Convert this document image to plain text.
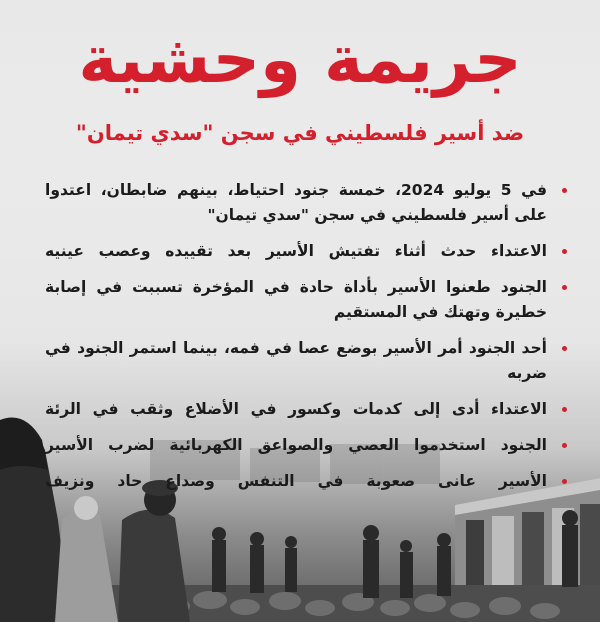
جريمة وحشية

ضد أسير فلسطيني في سجن "سدي تيمان"

في 5 يوليو 2024، خمسة جنود احتياط، بينهم ضابطان، اعتدوا على أسير فلسطيني في سجن "سدي تيمان"
الاعتداء حدث أثناء تفتيش الأسير بعد تقييده وعصب عينيه
الجنود طعنوا الأسير بأداة حادة في المؤخرة تسببت في إصابة خطيرة وتهتك في المستقيم
أحد الجنود أمر الأسير بوضع عصا في فمه، بينما استمر الجنود في ضربه
الاعتداء أدى إلى كدمات وكسور في الأضلاع وثقب في الرئة
الجنود استخدموا العصي والصواعق الكهربائية لضرب الأسير
الأسير عانى صعوبة في التنفس وصداع حاد ونزيف
